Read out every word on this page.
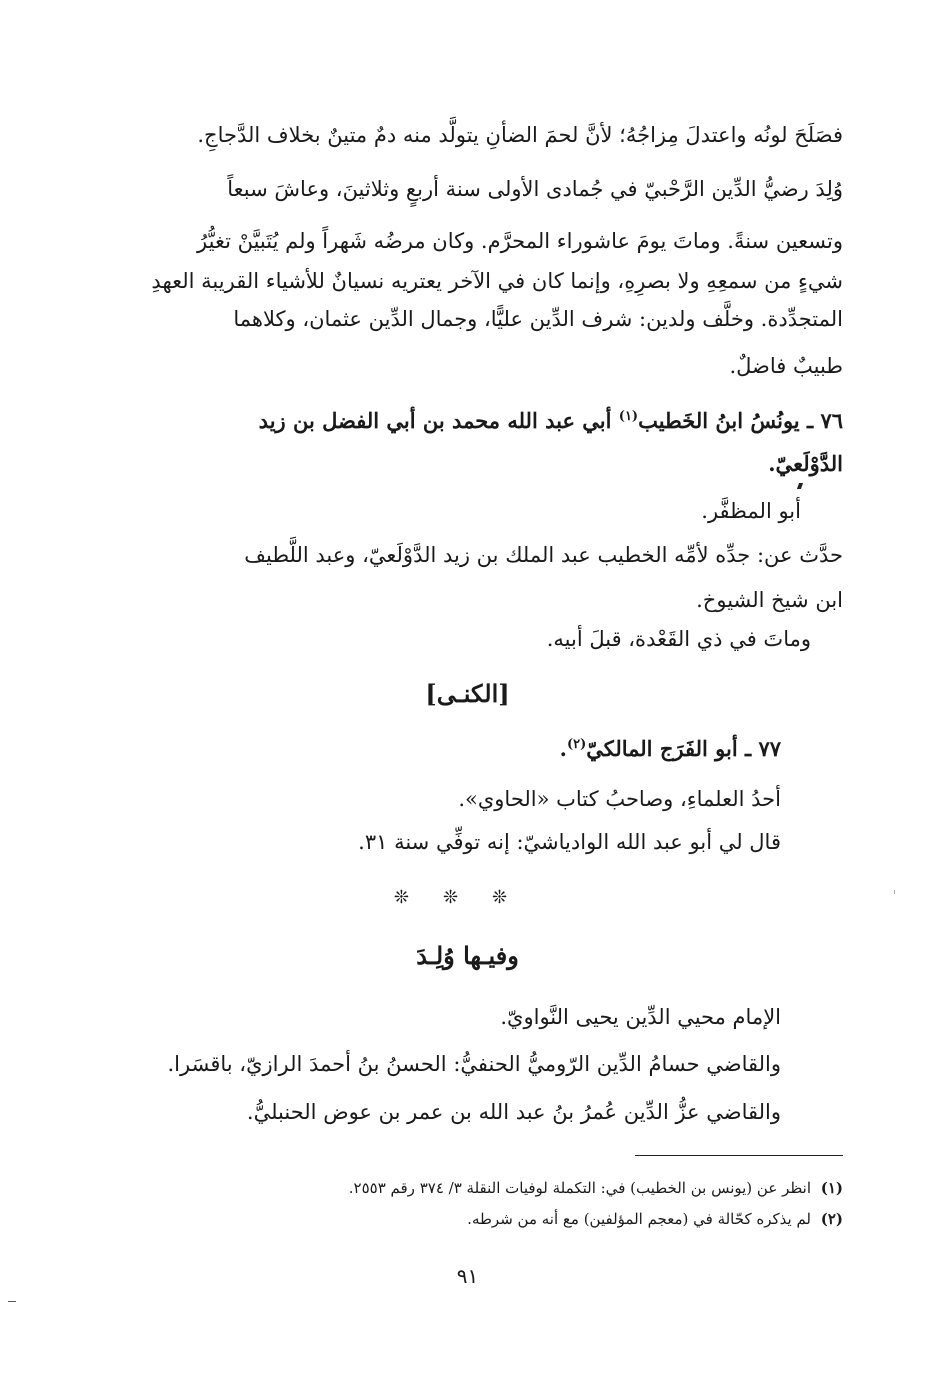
فصَلَحَ لونُه واعتدلَ مِزاجُهُ؛ لأنَّ لحمَ الضأنِ يتولَّد منه دمٌ متينٌ بخلاف الدَّجاجِ.
وُلِدَ رضيُّ الدِّين الرَّحْبيّ في جُمادى الأولى سنة أربعٍ وثلاثينَ، وعاشَ سبعاً
وتسعين سنةً. وماتَ يومَ عاشوراء المحرَّم. وكان مرضُه شَهراً ولم يُتَبيَّنْ تغيُّرُ
شيءٍ من سمعِهِ ولا بصرِهِ، وإنما كان في الآخر يعتريه نسيانٌ للأشياء القريبة العهدِ
المتجدِّدة. وخلَّف ولدين: شرف الدِّين عليًّا، وجمال الدِّين عثمان، وكلاهما
طبيبٌ فاضلٌ.
٧٦ ـ يونُسُ ابنُ الخَطيب$^{(١)}$ أبي عبد الله محمد بن أبي الفضل بن زيد
الدَّوْلَعيّ.
أبو المظفَّر.
حدَّث عن: جدِّه لأمِّه الخطيب عبد الملك بن زيد الدَّوْلَعيّ، وعبد اللَّطيف
ابن شيخ الشيوخ.
وماتَ في ذي القَعْدة، قبلَ أبيه.
[الكنـى]
٧٧ ـ أبو الفَرَج المالكيّ$^{(٢)}$.
أحدُ العلماءِ، وصاحبُ كتاب «الحاوي».
قال لي أبو عبد الله الوادياشيّ: إنه توفِّي سنة ٣١.
❊❊❊
وفيـها وُلِـدَ
الإمام محيي الدِّين يحيى النَّواويّ.
والقاضي حسامُ الدِّين الرّوميُّ الحنفيُّ: الحسنُ بنُ أحمدَ الرازيّ، باقسَرا.
والقاضي عزُّ الدِّين عُمرُ بنُ عبد الله بن عمر بن عوض الحنبليُّ.
(١)انظر عن (يونس بن الخطيب) في: التكملة لوفيات النقلة ٣/ ٣٧٤ رقم ٢٥٥٣.
(٢)لم يذكره كحّالة في (معجم المؤلفين) مع أنه من شرطه.
٩١
